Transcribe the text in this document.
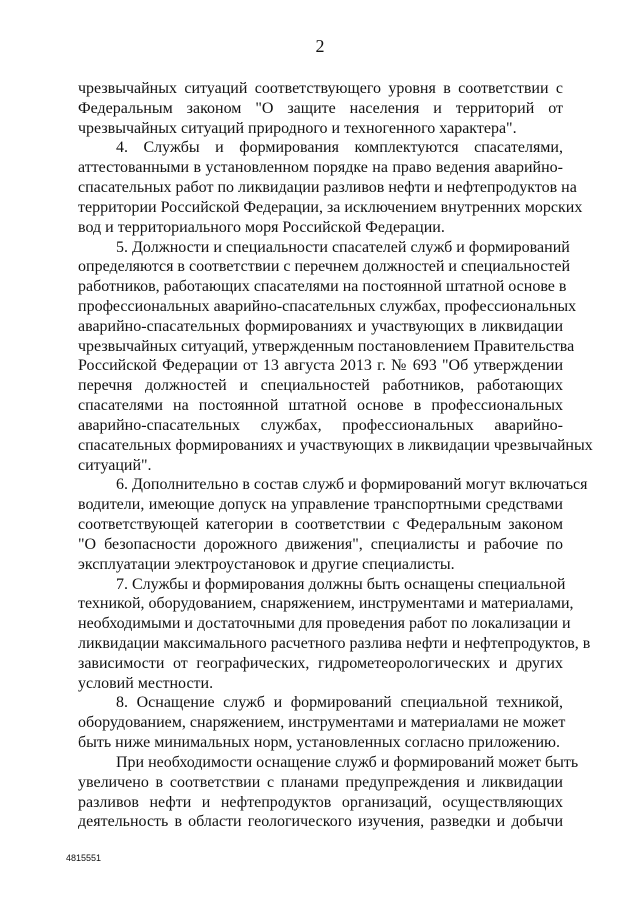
2
чрезвычайных ситуаций соответствующего уровня в соответствии с
Федеральным законом "О защите населения и территорий от
чрезвычайных ситуаций природного и техногенного характера".
4. Службы и формирования комплектуются спасателями,
аттестованными в установленном порядке на право ведения аварийно-
спасательных работ по ликвидации разливов нефти и нефтепродуктов на
территории Российской Федерации, за исключением внутренних морских
вод и территориального моря Российской Федерации.
5. Должности и специальности спасателей служб и формирований
определяются в соответствии с перечнем должностей и специальностей
работников, работающих спасателями на постоянной штатной основе в
профессиональных аварийно-спасательных службах, профессиональных
аварийно-спасательных формированиях и участвующих в ликвидации
чрезвычайных ситуаций, утвержденным постановлением Правительства
Российской Федерации от 13 августа 2013 г. № 693 "Об утверждении
перечня должностей и специальностей работников, работающих
спасателями на постоянной штатной основе в профессиональных
аварийно-спасательных службах, профессиональных аварийно-
спасательных формированиях и участвующих в ликвидации чрезвычайных
ситуаций".
6. Дополнительно в состав служб и формирований могут включаться
водители, имеющие допуск на управление транспортными средствами
соответствующей категории в соответствии с Федеральным законом
"О безопасности дорожного движения", специалисты и рабочие по
эксплуатации электроустановок и другие специалисты.
7. Службы и формирования должны быть оснащены специальной
техникой, оборудованием, снаряжением, инструментами и материалами,
необходимыми и достаточными для проведения работ по локализации и
ликвидации максимального расчетного разлива нефти и нефтепродуктов, в
зависимости от географических, гидрометеорологических и других
условий местности.
8. Оснащение служб и формирований специальной техникой,
оборудованием, снаряжением, инструментами и материалами не может
быть ниже минимальных норм, установленных согласно приложению.
При необходимости оснащение служб и формирований может быть
увеличено в соответствии с планами предупреждения и ликвидации
разливов нефти и нефтепродуктов организаций, осуществляющих
деятельность в области геологического изучения, разведки и добычи
4815551
